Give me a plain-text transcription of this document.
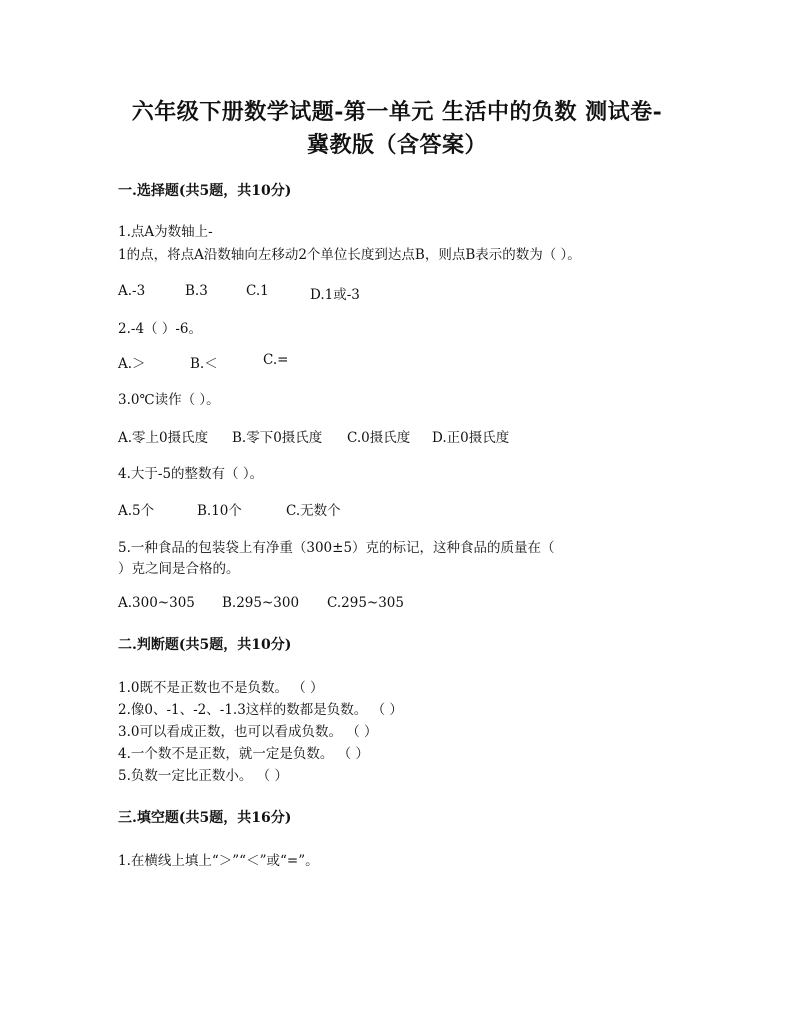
六年级下册数学试题-第一单元 生活中的负数 测试卷-
冀教版（含答案）
一.选择题(共5题，共10分)
1.点A为数轴上-
1的点，将点A沿数轴向左移动2个单位长度到达点B，则点B表示的数为（ ）。
A.-3	B.3	C.1	D.1或-3
2.-4（ ）-6。
A.＞	B.＜	C.=
3.0℃读作（ ）。
A.零上0摄氏度 B.零下0摄氏度 C.0摄氏度 D.正0摄氏度
4.大于-5的整数有（ ）。
A.5个	B.10个	C.无数个
5.一种食品的包装袋上有净重（300±5）克的标记，这种食品的质量在（
）克之间是合格的。
A.300~305 B.295~300 C.295~305
二.判断题(共5题，共10分)
1.0既不是正数也不是负数。 （ ）
2.像0、-1、-2、-1.3这样的数都是负数。 （ ）
3.0可以看成正数，也可以看成负数。 （ ）
4.一个数不是正数，就一定是负数。 （ ）
5.负数一定比正数小。 （ ）
三.填空题(共5题，共16分)
1.在横线上填上“＞”“＜”或“=”。
